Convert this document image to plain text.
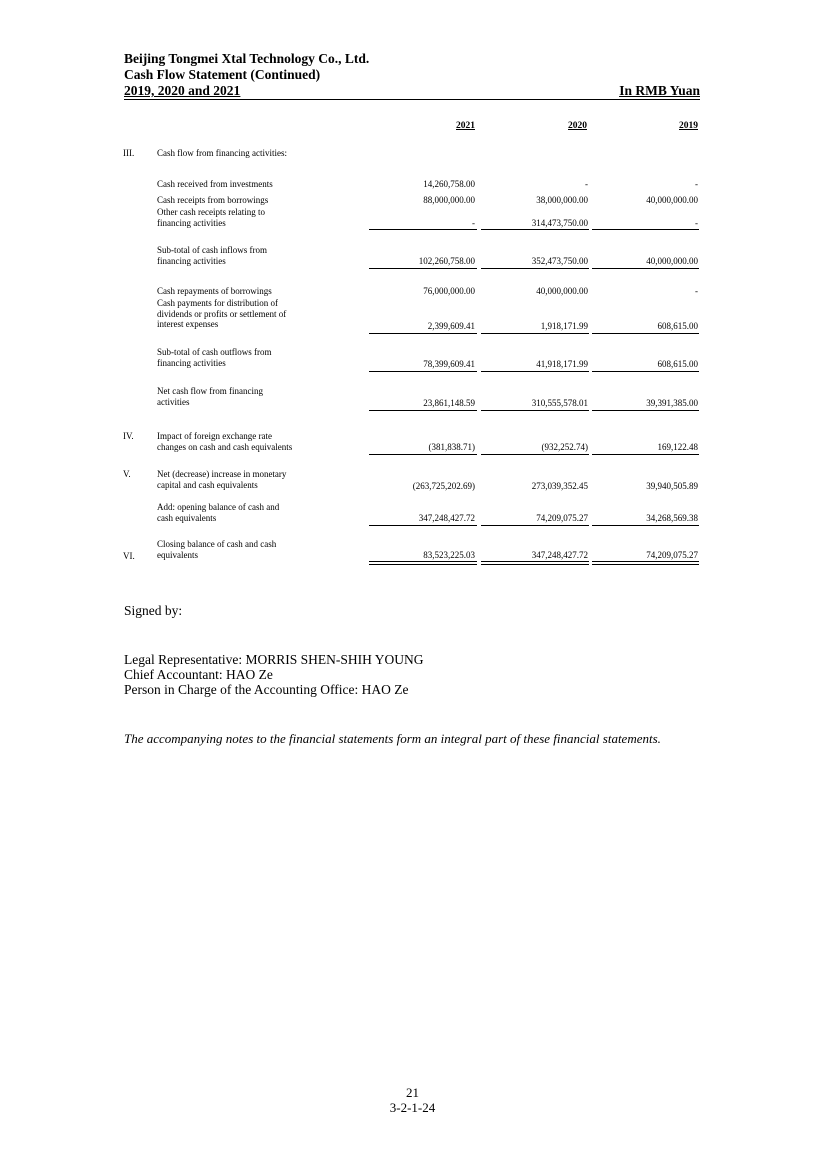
Beijing Tongmei Xtal Technology Co., Ltd.
Cash Flow Statement (Continued)
2019, 2020 and 2021	In RMB Yuan
2021	2020	2019
III.	Cash flow from financing activities:
Cash received from investments	14,260,758.00	-	-
Cash receipts from borrowings	88,000,000.00	38,000,000.00	40,000,000.00
Other cash receipts relating to
financing activities	-	314,473,750.00	-
Sub-total of cash inflows from
financing activities	102,260,758.00	352,473,750.00	40,000,000.00
Cash repayments of borrowings	76,000,000.00	40,000,000.00	-
Cash payments for distribution of
dividends or profits or settlement of
interest expenses	2,399,609.41	1,918,171.99	608,615.00
Sub-total of cash outflows from
financing activities	78,399,609.41	41,918,171.99	608,615.00
Net cash flow from financing
activities	23,861,148.59	310,555,578.01	39,391,385.00
IV.	Impact of foreign exchange rate
changes on cash and cash equivalents	(381,838.71)	(932,252.74)	169,122.48
V.	Net (decrease) increase in monetary
capital and cash equivalents	(263,725,202.69)	273,039,352.45	39,940,505.89
Add: opening balance of cash and
cash equivalents	347,248,427.72	74,209,075.27	34,268,569.38
VI.
Closing balance of cash and cash
equivalents	83,523,225.03	347,248,427.72	74,209,075.27
Signed by:
Legal Representative: MORRIS SHEN-SHIH YOUNG
Chief Accountant: HAO Ze
Person in Charge of the Accounting Office: HAO Ze
The accompanying notes to the financial statements form an integral part of these financial statements.
21
3-2-1-24
